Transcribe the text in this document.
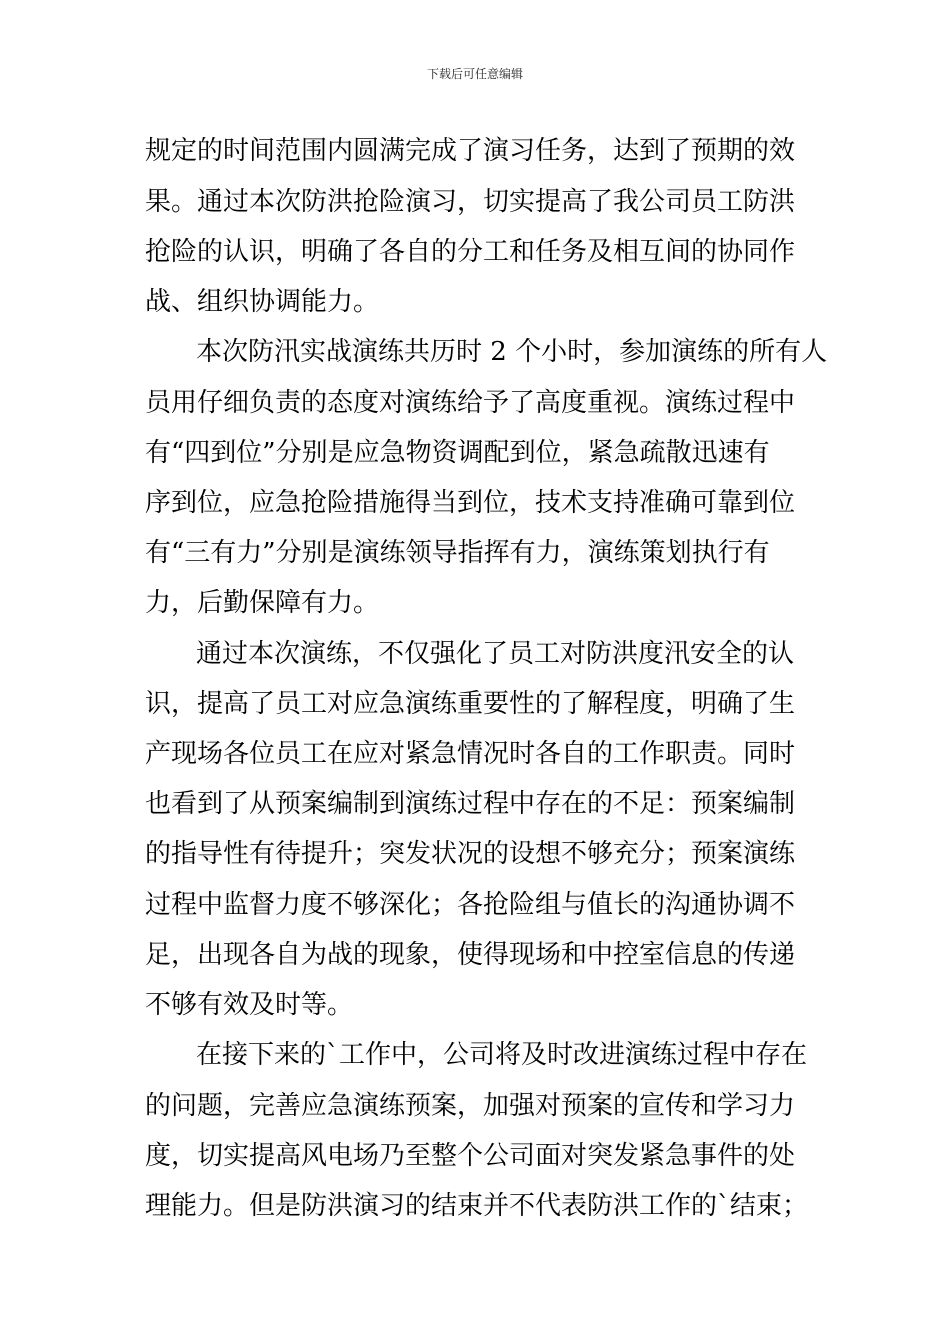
下载后可任意编辑
规定的时间范围内圆满完成了演习任务，达到了预期的效
果。通过本次防洪抢险演习，切实提高了我公司员工防洪
抢险的认识，明确了各自的分工和任务及相互间的协同作
战、组织协调能力。
本次防汛实战演练共历时 2 个小时，参加演练的所有人
员用仔细负责的态度对演练给予了高度重视。演练过程中
有“四到位”分别是应急物资调配到位，紧急疏散迅速有
序到位，应急抢险措施得当到位，技术支持准确可靠到位
有“三有力”分别是演练领导指挥有力，演练策划执行有
力，后勤保障有力。
通过本次演练，不仅强化了员工对防洪度汛安全的认
识，提高了员工对应急演练重要性的了解程度，明确了生
产现场各位员工在应对紧急情况时各自的工作职责。同时
也看到了从预案编制到演练过程中存在的不足：预案编制
的指导性有待提升；突发状况的设想不够充分；预案演练
过程中监督力度不够深化；各抢险组与值长的沟通协调不
足，出现各自为战的现象，使得现场和中控室信息的传递
不够有效及时等。
在接下来的`工作中，公司将及时改进演练过程中存在
的问题，完善应急演练预案，加强对预案的宣传和学习力
度，切实提高风电场乃至整个公司面对突发紧急事件的处
理能力。但是防洪演习的结束并不代表防洪工作的`结束；
